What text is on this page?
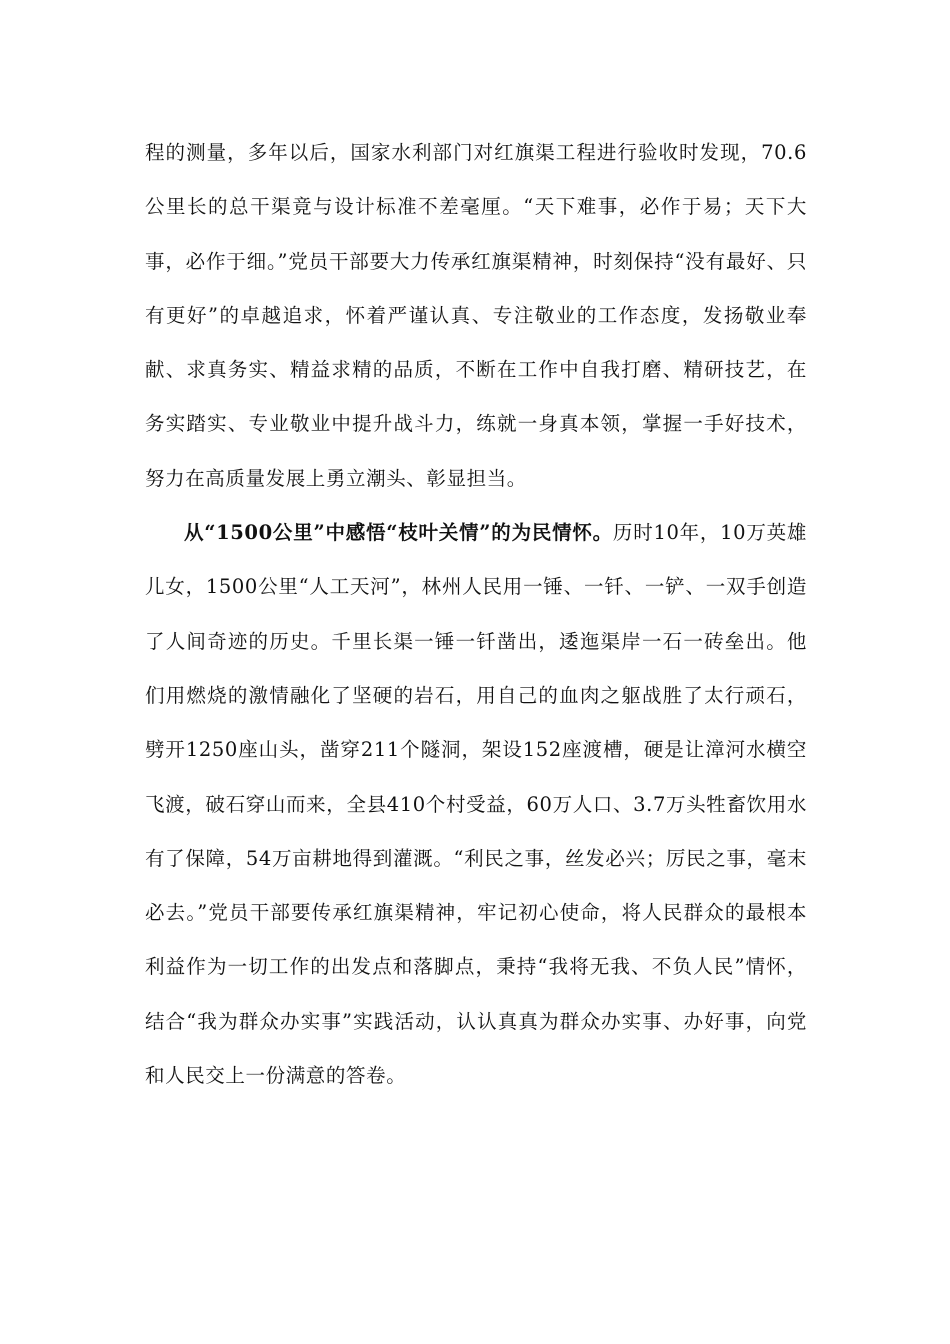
程的测量，多年以后，国家水利部门对红旗渠工程进行验收时发现，70.6公里长的总干渠竟与设计标准不差毫厘。“天下难事，必作于易；天下大事，必作于细。”党员干部要大力传承红旗渠精神，时刻保持“没有最好、只有更好”的卓越追求，怀着严谨认真、专注敬业的工作态度，发扬敬业奉献、求真务实、精益求精的品质，不断在工作中自我打磨、精研技艺，在务实踏实、专业敬业中提升战斗力，练就一身真本领，掌握一手好技术，努力在高质量发展上勇立潮头、彰显担当。

从“1500公里”中感悟“枝叶关情”的为民情怀。历时10年，10万英雄儿女，1500公里“人工天河”，林州人民用一锤、一钎、一铲、一双手创造了人间奇迹的历史。千里长渠一锤一钎凿出，逶迤渠岸一石一砖垒出。他们用燃烧的激情融化了坚硬的岩石，用自己的血肉之躯战胜了太行顽石，劈开1250座山头，凿穿211个隧洞，架设152座渡槽，硬是让漳河水横空飞渡，破石穿山而来，全县410个村受益，60万人口、3.7万头牲畜饮用水有了保障，54万亩耕地得到灌溉。“利民之事，丝发必兴；厉民之事，毫末必去。”党员干部要传承红旗渠精神，牢记初心使命，将人民群众的最根本利益作为一切工作的出发点和落脚点，秉持“我将无我、不负人民”情怀，结合“我为群众办实事”实践活动，认认真真为群众办实事、办好事，向党和人民交上一份满意的答卷。
